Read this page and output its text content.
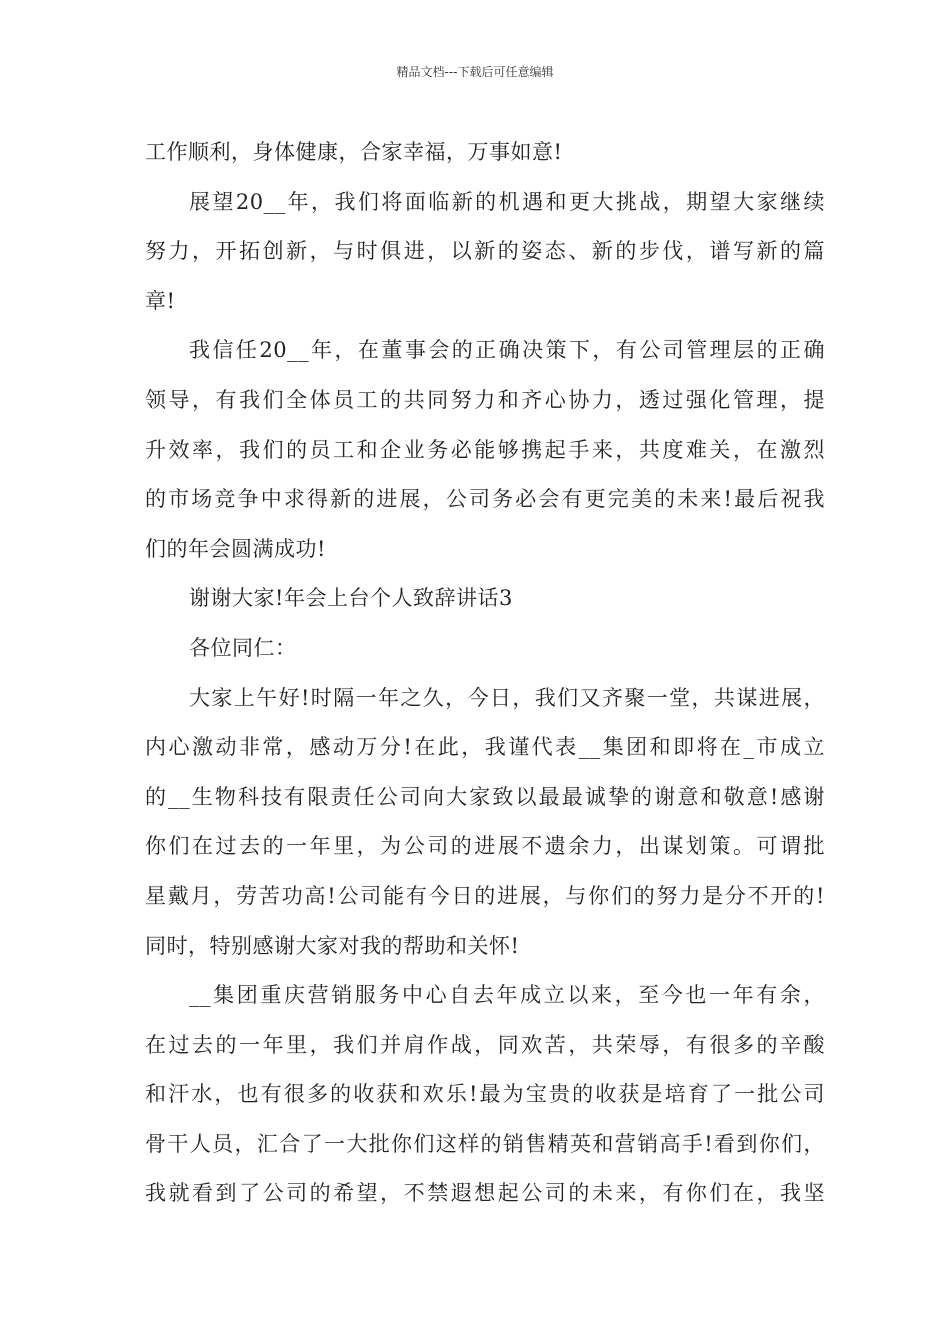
精品文档---下载后可任意编辑
工作顺利，身体健康，合家幸福，万事如意!
展望20__年，我们将面临新的机遇和更大挑战，期望大家继续
努力，开拓创新，与时俱进，以新的姿态、新的步伐，谱写新的篇
章!
我信任20__年，在董事会的正确决策下，有公司管理层的正确
领导，有我们全体员工的共同努力和齐心协力，透过强化管理，提
升效率，我们的员工和企业务必能够携起手来，共度难关，在激烈
的市场竞争中求得新的进展，公司务必会有更完美的未来!最后祝我
们的年会圆满成功!
谢谢大家!年会上台个人致辞讲话3
各位同仁：
大家上午好!时隔一年之久，今日，我们又齐聚一堂，共谋进展，
内心激动非常，感动万分!在此，我谨代表__集团和即将在_市成立
的__生物科技有限责任公司向大家致以最最诚挚的谢意和敬意!感谢
你们在过去的一年里，为公司的进展不遗余力，出谋划策。可谓批
星戴月，劳苦功高!公司能有今日的进展，与你们的努力是分不开的!
同时，特别感谢大家对我的帮助和关怀!
__集团重庆营销服务中心自去年成立以来，至今也一年有余，
在过去的一年里，我们并肩作战，同欢苦，共荣辱，有很多的辛酸
和汗水，也有很多的收获和欢乐!最为宝贵的收获是培育了一批公司
骨干人员，汇合了一大批你们这样的销售精英和营销高手!看到你们，
我就看到了公司的希望，不禁遐想起公司的未来，有你们在，我坚
